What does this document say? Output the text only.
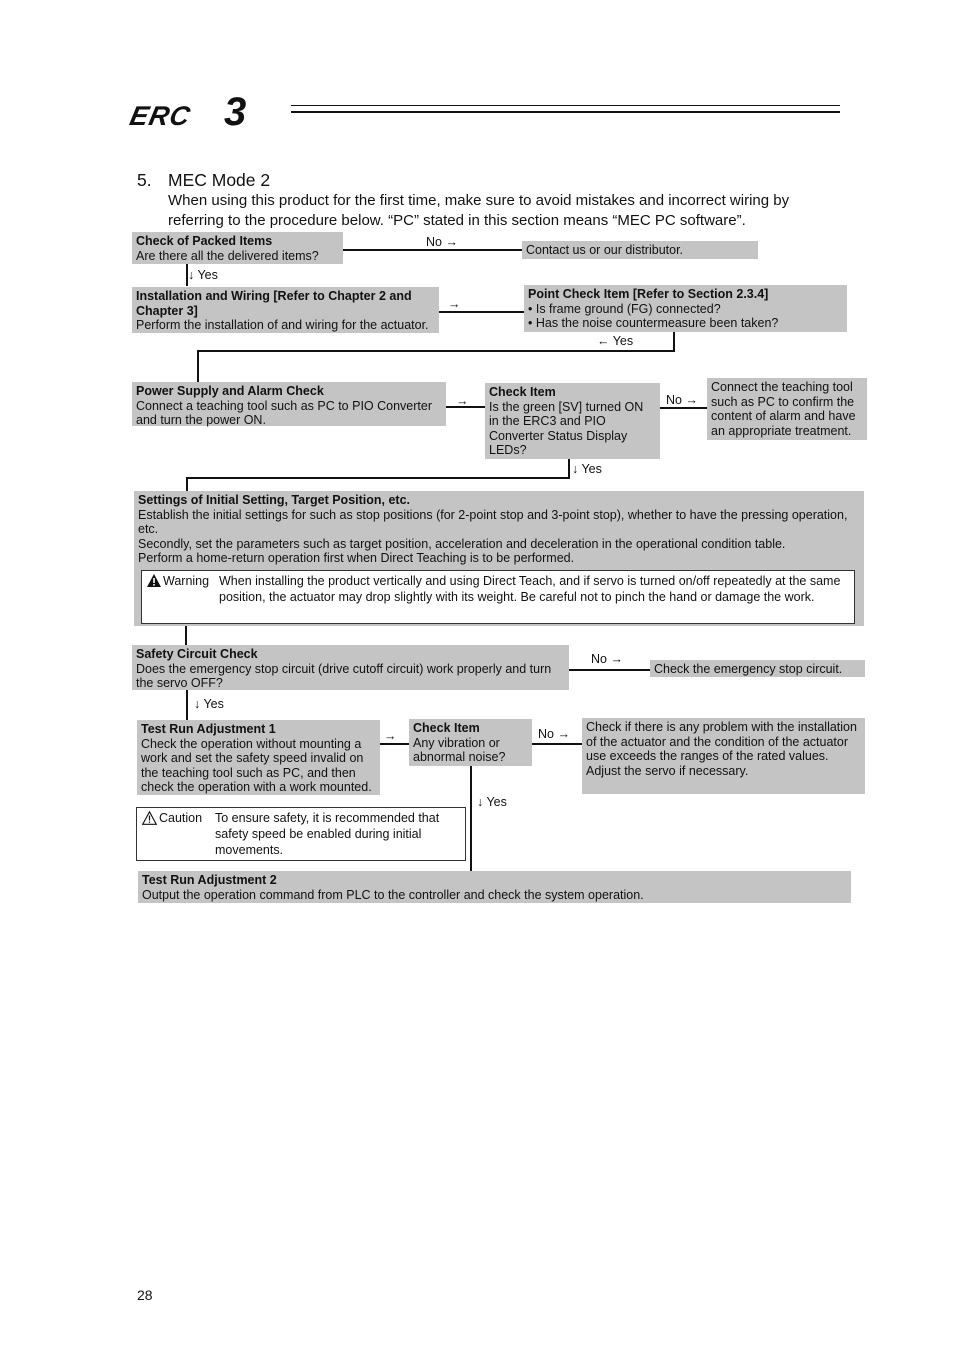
ERC 3
5. MEC Mode 2
When using this product for the first time, make sure to avoid mistakes and incorrect wiring by referring to the procedure below. “PC” stated in this section means “MEC PC software”.
Check of Packed Items
Are there all the delivered items?
No →
Contact us or our distributor.
↓ Yes
Installation and Wiring [Refer to Chapter 2 and Chapter 3]
Perform the installation of and wiring for the actuator.
→
Point Check Item [Refer to Section 2.3.4]
• Is frame ground (FG) connected?
• Has the noise countermeasure been taken?
← Yes
Power Supply and Alarm Check
Connect a teaching tool such as PC to PIO Converter and turn the power ON.
→
Check Item
Is the green [SV] turned ON in the ERC3 and PIO Converter Status Display LEDs?
No →
Connect the teaching tool such as PC to confirm the content of alarm and have an appropriate treatment.
↓ Yes
Settings of Initial Setting, Target Position, etc.
Establish the initial settings for such as stop positions (for 2-point stop and 3-point stop), whether to have the pressing operation, etc.
Secondly, set the parameters such as target position, acceleration and deceleration in the operational condition table.
Perform a home-return operation first when Direct Teaching is to be performed.
Warning When installing the product vertically and using Direct Teach, and if servo is turned on/off repeatedly at the same position, the actuator may drop slightly with its weight. Be careful not to pinch the hand or damage the work.
Safety Circuit Check
Does the emergency stop circuit (drive cutoff circuit) work properly and turn the servo OFF?
No →
Check the emergency stop circuit.
↓ Yes
Test Run Adjustment 1
Check the operation without mounting a work and set the safety speed invalid on the teaching tool such as PC, and then check the operation with a work mounted.
→
Check Item
Any vibration or abnormal noise?
No → Check if there is any problem with the installation of the actuator and the condition of the actuator use exceeds the ranges of the rated values.
Adjust the servo if necessary.
↓ Yes
Caution To ensure safety, it is recommended that safety speed be enabled during initial movements.
Test Run Adjustment 2
Output the operation command from PLC to the controller and check the system operation.
28
